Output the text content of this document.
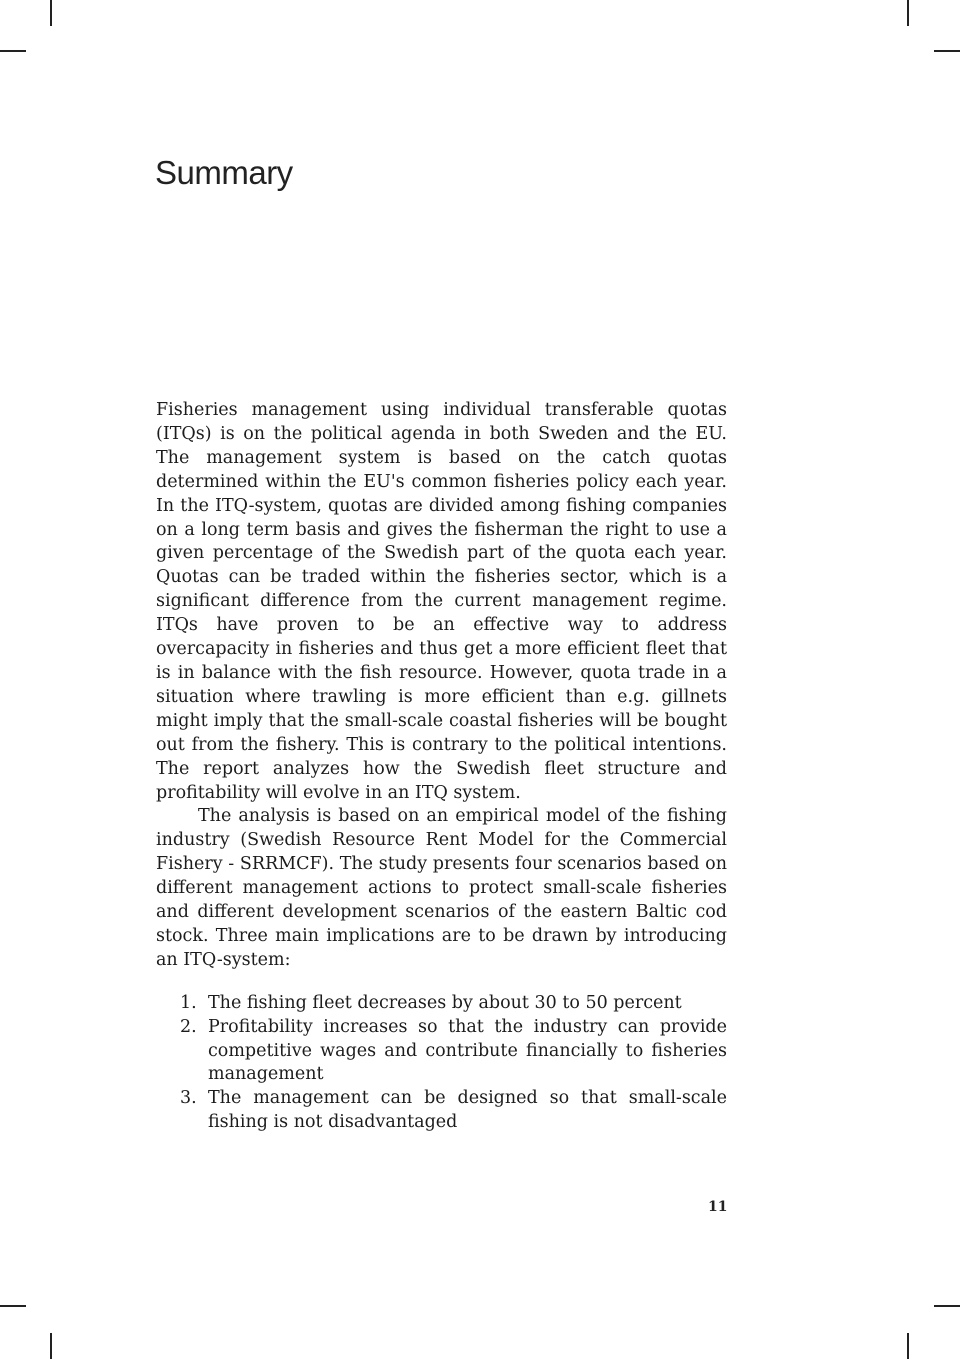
Summary

Fisheries management using individual transferable quotas (ITQs) is on the political agenda in both Sweden and the EU. The management system is based on the catch quotas determined within the EU's common fisheries policy each year. In the ITQ-system, quotas are divided among fishing companies on a long term basis and gives the fisherman the right to use a given percentage of the Swedish part of the quota each year. Quotas can be traded within the fisheries sector, which is a significant difference from the current management regime. ITQs have proven to be an effective way to address overcapacity in fisheries and thus get a more efficient fleet that is in balance with the fish resource. However, quota trade in a situation where trawling is more efficient than e.g. gillnets might imply that the small-scale coastal fisheries will be bought out from the fishery. This is contrary to the political intentions. The report analyzes how the Swedish fleet structure and profitability will evolve in an ITQ system.

The analysis is based on an empirical model of the fishing industry (Swedish Resource Rent Model for the Commercial Fishery - SRRMCF). The study presents four scenarios based on different management actions to protect small-scale fisheries and different development scenarios of the eastern Baltic cod stock. Three main implications are to be drawn by introducing an ITQ-system:

1. The fishing fleet decreases by about 30 to 50 percent
2. Profitability increases so that the industry can provide competitive wages and contribute financially to fisheries management
3. The management can be designed so that small-scale fishing is not disadvantaged
11
